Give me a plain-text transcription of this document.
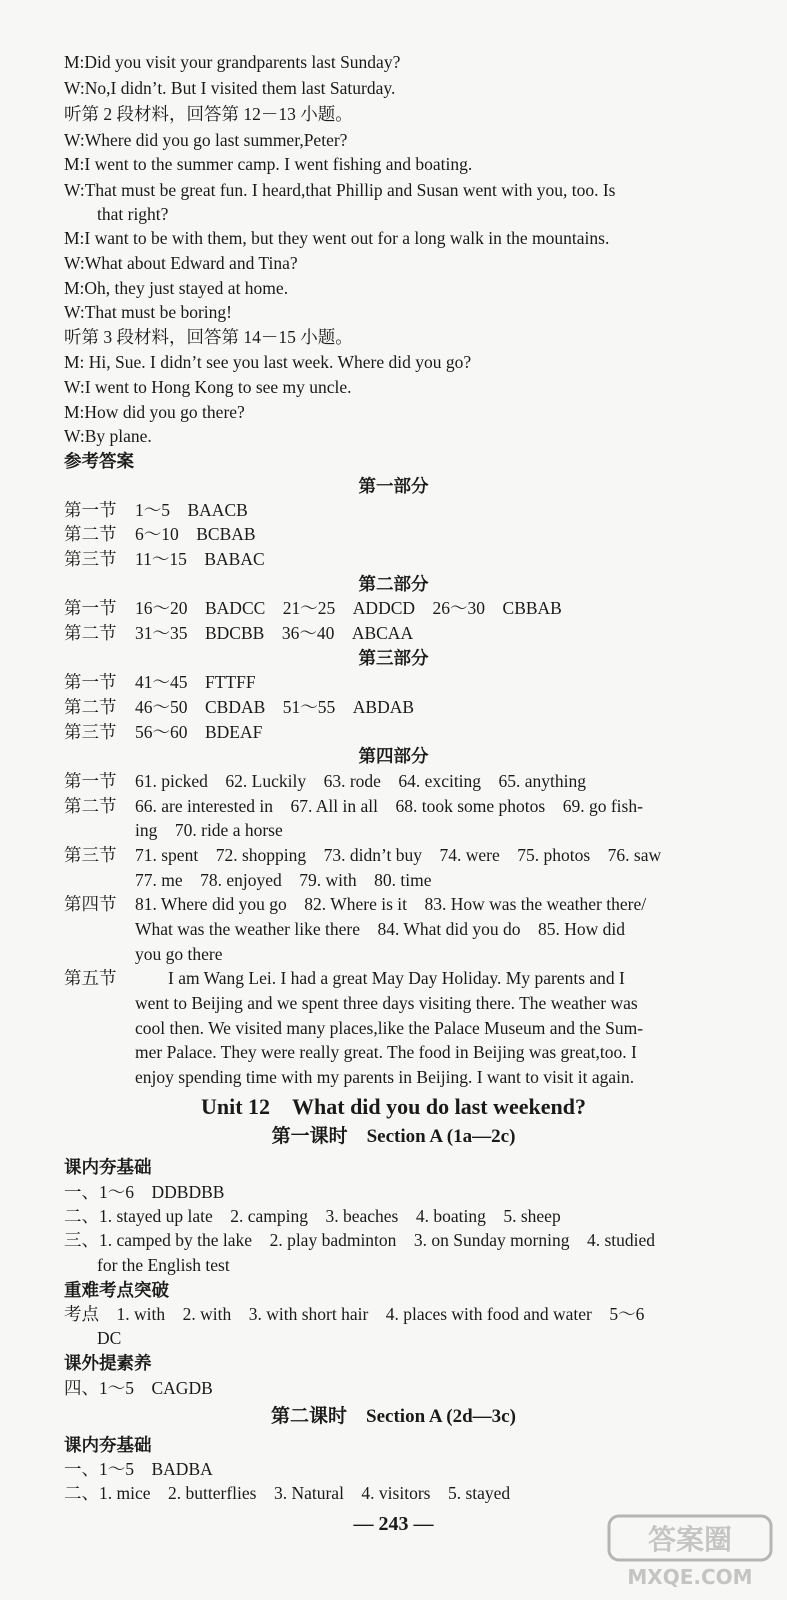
M:Did you visit your grandparents last Sunday?
W:No,I didn’t. But I visited them last Saturday.
听第 2 段材料，回答第 12－13 小题。
W:Where did you go last summer,Peter?
M:I went to the summer camp. I went fishing and boating.
W:That must be great fun. I heard,that Phillip and Susan went with you, too. Is
that right?
M:I want to be with them, but they went out for a long walk in the mountains.
W:What about Edward and Tina?
M:Oh, they just stayed at home.
W:That must be boring!
听第 3 段材料，回答第 14－15 小题。
M: Hi, Sue. I didn’t see you last week. Where did you go?
W:I went to Hong Kong to see my uncle.
M:How did you go there?
W:By plane.
参考答案
第一部分
第一节 1～5　BAACB
第二节 6～10　BCBAB
第三节 11～15　BABAC
第二部分
第一节 16～20　BADCC　21～25　ADDCD　26～30　CBBAB
第二节 31～35　BDCBB　36～40　ABCAA
第三部分
第一节 41～45　FTTFF
第二节 46～50　CBDAB　51～55　ABDAB
第三节 56～60　BDEAF
第四部分
第一节 61. picked　62. Luckily　63. rode　64. exciting　65. anything
第二节 66. are interested in　67. All in all　68. took some photos　69. go fish-
ing　70. ride a horse
第三节 71. spent　72. shopping　73. didn’t buy　74. were　75. photos　76. saw
77. me　78. enjoyed　79. with　80. time
第四节 81. Where did you go　82. Where is it　83. How was the weather there/
What was the weather like there　84. What did you do　85. How did
you go there
第五节	I am Wang Lei. I had a great May Day Holiday. My parents and I
went to Beijing and we spent three days visiting there. The weather was
cool then. We visited many places,like the Palace Museum and the Sum-
mer Palace. They were really great. The food in Beijing was great,too. I
enjoy spending time with my parents in Beijing. I want to visit it again.
Unit 12　What did you do last weekend?
第一课时　Section A (1a—2c)
课内夯基础
一、1～6　DDBDBB
二、1. stayed up late　2. camping　3. beaches　4. boating　5. sheep
三、1. camped by the lake　2. play badminton　3. on Sunday morning　4. studied
for the English test
重难考点突破
考点　1. with　2. with　3. with short hair　4. places with food and water　5～6
DC
课外提素养
四、1～5　CAGDB
第二课时　Section A (2d—3c)
课内夯基础
一、1～5　BADBA
二、1. mice　2. butterflies　3. Natural　4. visitors　5. stayed
— 243 —	答案圈
MXQE.COM
